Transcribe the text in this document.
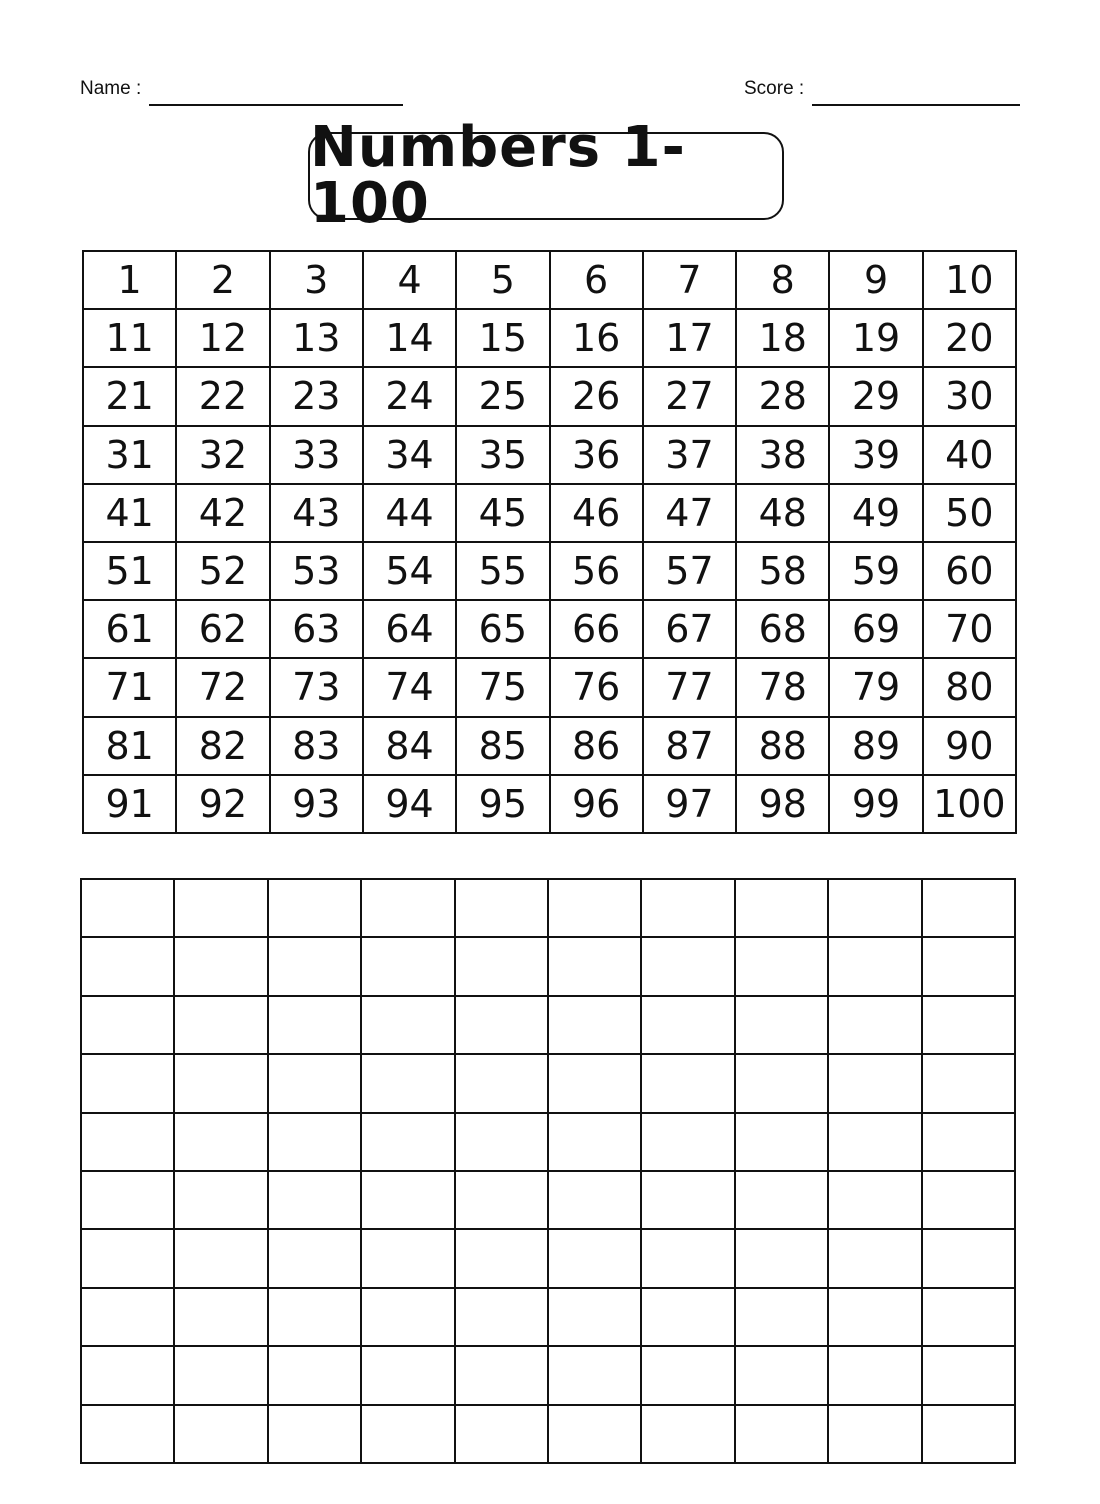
Name :	Score :
Numbers 1-100
1	2	3	4	5	6	7	8	9	10
11	12	13	14	15	16	17	18	19	20
21	22	23	24	25	26	27	28	29	30
31	32	33	34	35	36	37	38	39	40
41	42	43	44	45	46	47	48	49	50
51	52	53	54	55	56	57	58	59	60
61	62	63	64	65	66	67	68	69	70
71	72	73	74	75	76	77	78	79	80
81	82	83	84	85	86	87	88	89	90
91	92	93	94	95	96	97	98	99 100
